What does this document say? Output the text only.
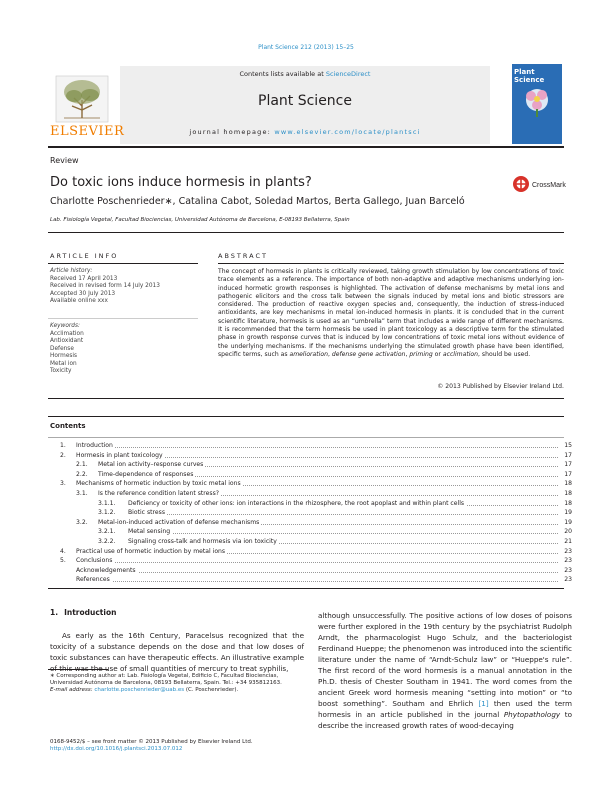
Plant Science 212 (2013) 15–25
ELSEVIER
Contents lists available at ScienceDirect
Plant Science
journal homepage: www.elsevier.com/locate/plantsci
Plant Science
Review
Do toxic ions induce hormesis in plants?	CrossMark
Charlotte Poschenrieder∗, Catalina Cabot, Soledad Martos, Berta Gallego, Juan Barceló
Lab. Fisiología Vegetal, Facultad Biociencias, Universidad Autónoma de Barcelona, E-08193 Bellaterra, Spain
ARTICLE INFO
Article history:
Received 17 April 2013
Received in revised form 14 July 2013
Accepted 30 July 2013
Available online xxx
Keywords:
Acclimation
Antioxidant
Defense
Hormesis
Metal ion
Toxicity
ABSTRACT
The concept of hormesis in plants is critically reviewed, taking growth stimulation by low concentrations of toxic trace elements as a reference. The importance of both non-adaptive and adaptive mechanisms underlying ion-induced hormetic growth responses is highlighted. The activation of defense mechanisms by metal ions and pathogenic elicitors and the cross talk between the signals induced by metal ions and biotic stressors are considered. The production of reactive oxygen species and, consequently, the induction of stress-induced antioxidants, are key mechanisms in metal ion-induced hormesis in plants. It is concluded that in the current scientific literature, hormesis is used as an “umbrella” term that includes a wide range of different mechanisms. It is recommended that the term hormesis be used in plant toxicology as a descriptive term for the stimulated phase in growth response curves that is induced by low concentrations of toxic metal ions without evidence of the underlying mechanisms. If the mechanisms underlying the stimulated growth phase have been identified, specific terms, such as amelioration, defense gene activation, priming or acclimation, should be used.
© 2013 Published by Elsevier Ireland Ltd.
Contents
1. Introduction	15
2. Hormesis in plant toxicology	17
2.1. Metal ion activity–response curves	17
2.2. Time-dependence of responses	17
3. Mechanisms of hormetic induction by toxic metal ions	18
3.1. Is the reference condition latent stress?	18
3.1.1. Deficiency or toxicity of other ions: ion interactions in the rhizosphere, the root apoplast and within plant cells	18
3.1.2. Biotic stress	19
3.2. Metal-ion-induced activation of defense mechanisms	19
3.2.1. Metal sensing	20
3.2.2. Signaling cross-talk and hormesis via ion toxicity	21
4. Practical use of hormetic induction by metal ions	23
5. Conclusions	23
Acknowledgements	23
References	23
1. Introduction
As early as the 16th Century, Paracelsus recognized that the toxicity of a substance depends on the dose and that low doses of toxic substances can have therapeutic effects. An illustrative example of this was the use of small quantities of mercury to treat syphilis,
although unsuccessfully. The positive actions of low doses of poisons were further explored in the 19th century by the psychiatrist Rudolph Arndt, the pharmacologist Hugo Schulz, and the bacteriologist Ferdinand Hueppe; the phenomenon was introduced into the scientific literature under the name of “Arndt-Schulz law” or “Hueppe's rule”. The first record of the word hormesis is a manual annotation in the Ph.D. thesis of Chester Southam in 1941. The word comes from the ancient Greek word hormesis meaning “setting into motion” or “to boost something”. Southam and Ehrlich [1] then used the term hormesis in an article published in the journal Phytopathology to describe the increased growth rates of wood-decaying
∗ Corresponding author at: Lab. Fisiología Vegetal, Edificio C, Facultad Biociencias, Universidad Autónoma de Barcelona, 08193 Bellaterra, Spain. Tel.: +34 935812163.
E-mail address: charlotte.poschenrieder@uab.es (C. Poschenrieder).
0168-9452/$ – see front matter © 2013 Published by Elsevier Ireland Ltd.
http://dx.doi.org/10.1016/j.plantsci.2013.07.012
